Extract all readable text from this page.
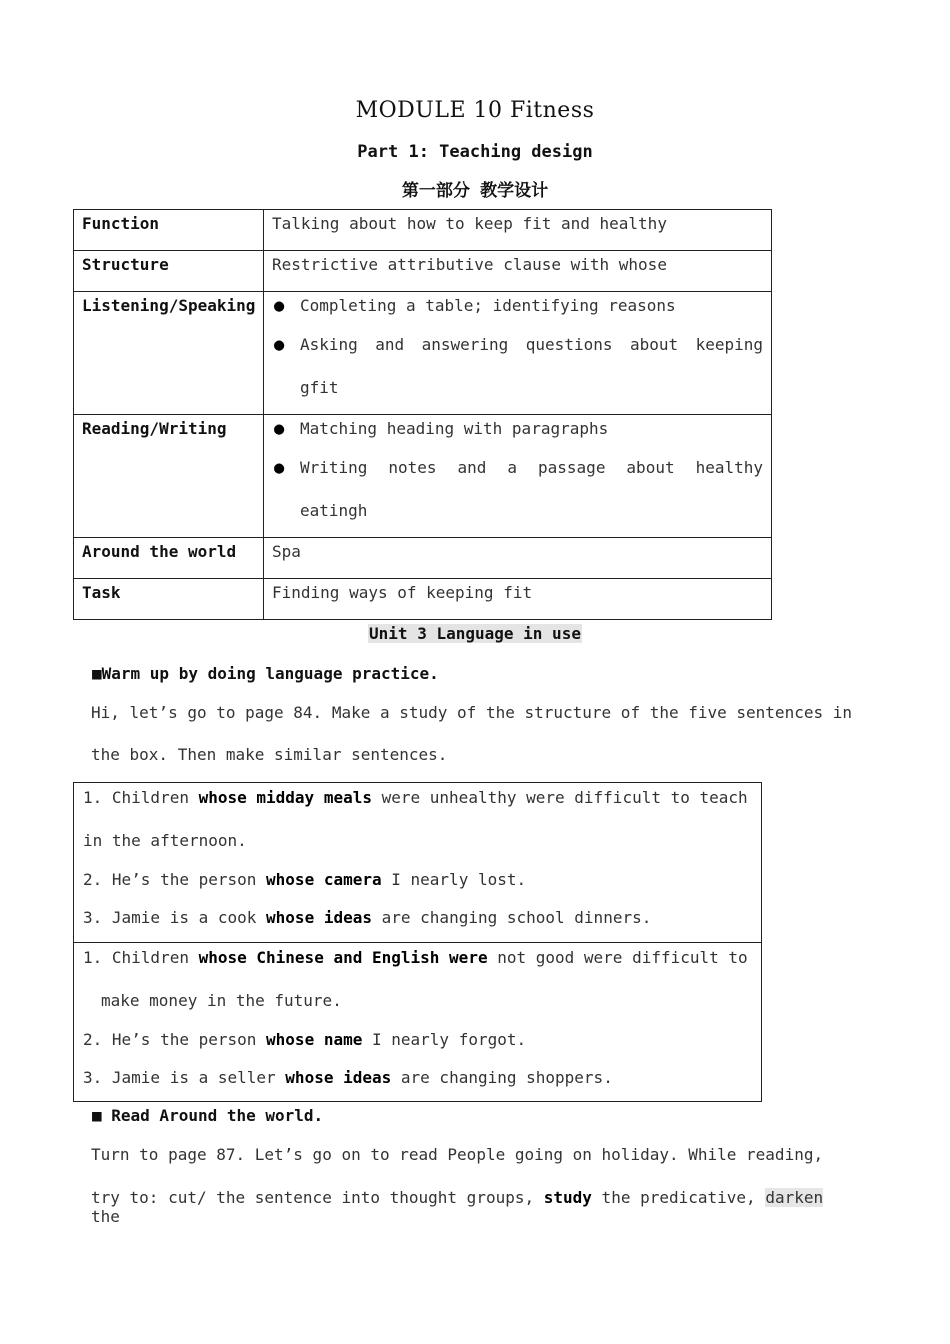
MODULE 10 Fitness
Part 1: Teaching design
第一部分 教学设计
Function	Talking about how to keep fit and healthy
Structure	Restrictive attributive clause with whose
Listening/Speaking	● Completing a table; identifying reasons
● Asking and answering questions about keeping
gfit

Reading/Writing	● Matching heading with paragraphs
● Writing notes and a passage about healthy
eatingh

Around the world	Spa
Task	Finding ways of keeping fit
Unit 3 Language in use
■Warm up by doing language practice.
Hi, let’s go to page 84. Make a study of the structure of the five sentences in
the box. Then make similar sentences.
1. Children whose midday meals were unhealthy were difficult to teach
in the afternoon.
2. He’s the person whose camera I nearly lost.
3. Jamie is a cook whose ideas are changing school dinners.
1. Children whose Chinese and English were not good were difficult to
make money in the future.
2. He’s the person whose name I nearly forgot.
3. Jamie is a seller whose ideas are changing shoppers.
■ Read Around the world.
Turn to page 87. Let’s go on to read People going on holiday. While reading,
try to: cut/ the sentence into thought groups, study the predicative, darken the
